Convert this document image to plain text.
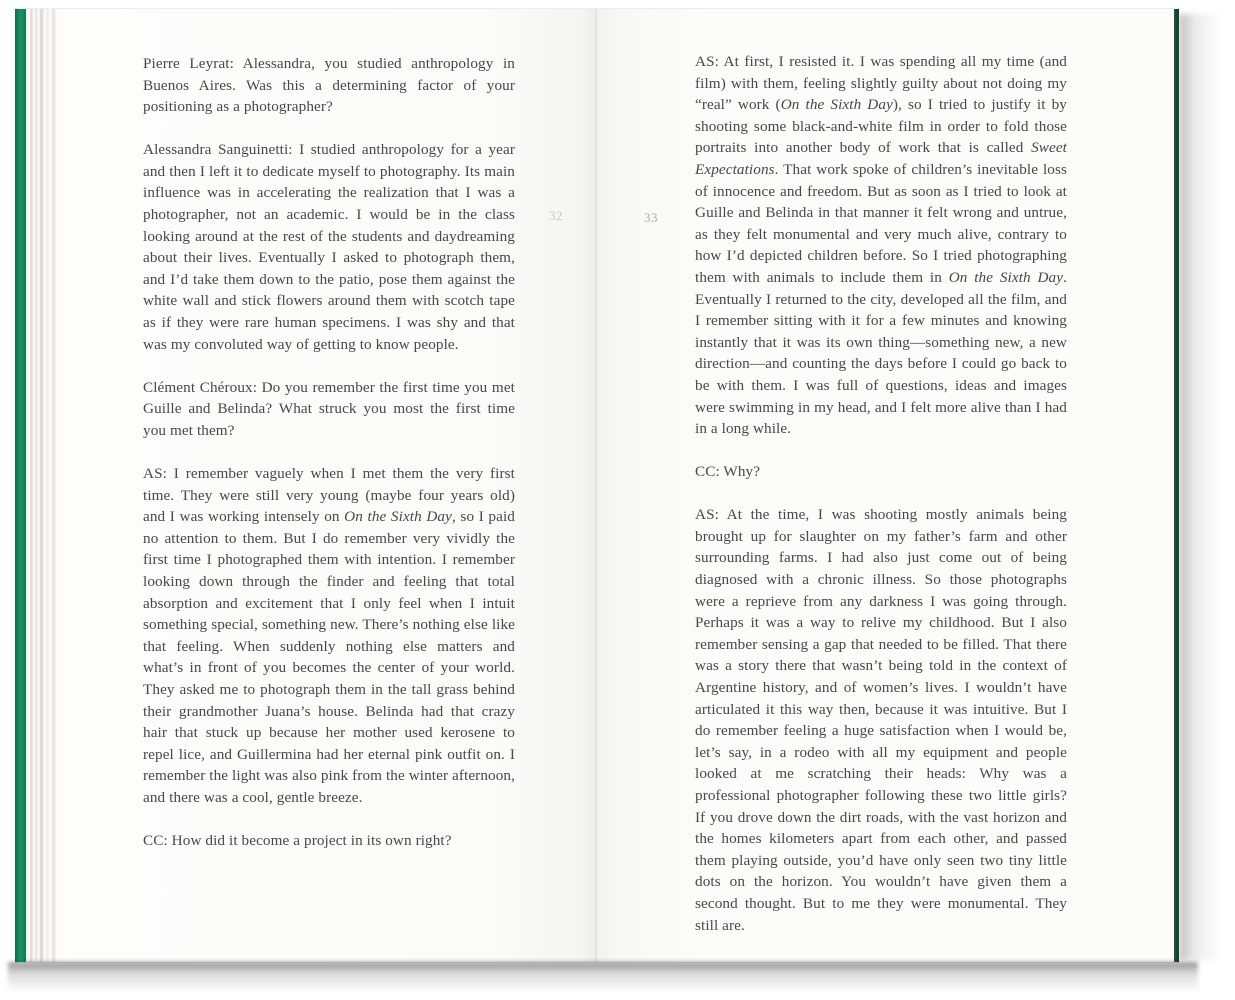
32

Pierre Leyrat: Alessandra, you studied anthropology in Buenos Aires. Was this a determining factor of your positioning as a photographer?

Alessandra Sanguinetti: I studied anthropology for a year and then I left it to dedicate myself to photography. Its main influence was in accelerating the realization that I was a photographer, not an academic. I would be in the class looking around at the rest of the students and daydreaming about their lives. Eventually I asked to photograph them, and I’d take them down to the patio, pose them against the white wall and stick flowers around them with scotch tape as if they were rare human specimens. I was shy and that was my convoluted way of getting to know people.

Clément Chéroux: Do you remember the first time you met Guille and Belinda? What struck you most the first time you met them?

AS: I remember vaguely when I met them the very first time. They were still very young (maybe four years old) and I was working intensely on On the Sixth Day, so I paid no attention to them. But I do remember very vividly the first time I photographed them with intention. I remember looking down through the finder and feeling that total absorption and excitement that I only feel when I intuit something special, something new. There’s nothing else like that feeling. When suddenly nothing else matters and what’s in front of you becomes the center of your world. They asked me to photograph them in the tall grass behind their grandmother Juana’s house. Belinda had that crazy hair that stuck up because her mother used kerosene to repel lice, and Guillermina had her eternal pink outfit on. I remember the light was also pink from the winter afternoon, and there was a cool, gentle breeze.

CC: How did it become a project in its own right?

33

AS: At first, I resisted it. I was spending all my time (and film) with them, feeling slightly guilty about not doing my “real” work (On the Sixth Day), so I tried to justify it by shooting some black-and-white film in order to fold those portraits into another body of work that is called Sweet Expectations. That work spoke of children’s inevitable loss of innocence and freedom. But as soon as I tried to look at Guille and Belinda in that manner it felt wrong and untrue, as they felt monumental and very much alive, contrary to how I’d depicted children before. So I tried photographing them with animals to include them in On the Sixth Day. Eventually I returned to the city, developed all the film, and I remember sitting with it for a few minutes and knowing instantly that it was its own thing—something new, a new direction—and counting the days before I could go back to be with them. I was full of questions, ideas and images were swimming in my head, and I felt more alive than I had in a long while.

CC: Why?

AS: At the time, I was shooting mostly animals being brought up for slaughter on my father’s farm and other surrounding farms. I had also just come out of being diagnosed with a chronic illness. So those photographs were a reprieve from any darkness I was going through. Perhaps it was a way to relive my childhood. But I also remember sensing a gap that needed to be filled. That there was a story there that wasn’t being told in the context of Argentine history, and of women’s lives. I wouldn’t have articulated it this way then, because it was intuitive. But I do remember feeling a huge satisfaction when I would be, let’s say, in a rodeo with all my equipment and people looked at me scratching their heads: Why was a professional photographer following these two little girls? If you drove down the dirt roads, with the vast horizon and the homes kilometers apart from each other, and passed them playing outside, you’d have only seen two tiny little dots on the horizon. You wouldn’t have given them a second thought. But to me they were monumental. They still are.
